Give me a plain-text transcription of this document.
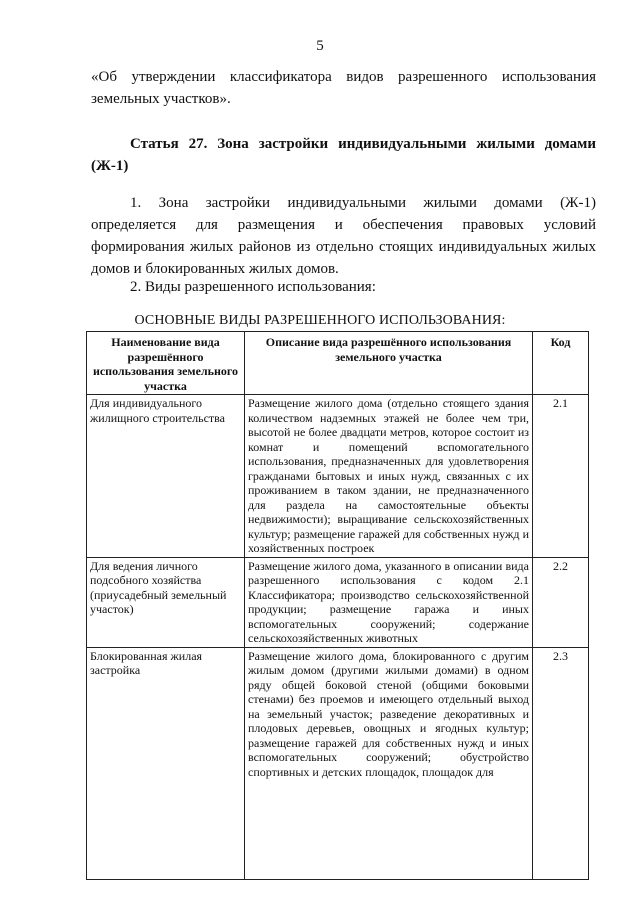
5
«Об утверждении классификатора видов разрешенного использования земельных участков».
Статья 27. Зона застройки индивидуальными жилыми домами (Ж-1)
1. Зона застройки индивидуальными жилыми домами (Ж-1) определяется для размещения и обеспечения правовых условий формирования жилых районов из отдельно стоящих индивидуальных жилых домов и блокированных жилых домов.
2. Виды разрешенного использования:
ОСНОВНЫЕ ВИДЫ РАЗРЕШЕННОГО ИСПОЛЬЗОВАНИЯ:
Наименование вида разрешённого использования земельного участка	Описание вида разрешённого использования земельного участка	Код
Для индивидуального жилищного строительства	Размещение жилого дома (отдельно стоящего здания количеством надземных этажей не более чем три, высотой не более двадцати метров, которое состоит из комнат и помещений вспомогательного использования, предназначенных для удовлетворения гражданами бытовых и иных нужд, связанных с их проживанием в таком здании, не предназначенного для раздела на самостоятельные объекты недвижимости); выращивание сельскохозяйственных культур; размещение гаражей для собственных нужд и хозяйственных построек	2.1
Для ведения личного подсобного хозяйства (приусадебный земельный участок)	Размещение жилого дома, указанного в описании вида разрешенного использования с кодом 2.1 Классификатора; производство сельскохозяйственной продукции; размещение гаража и иных вспомогательных сооружений; содержание сельскохозяйственных животных	2.2
Блокированная жилая застройка	Размещение жилого дома, блокированного с другим жилым домом (другими жилыми домами) в одном ряду общей боковой стеной (общими боковыми стенами) без проемов и имеющего отдельный выход на земельный участок; разведение декоративных и плодовых деревьев, овощных и ягодных культур; размещение гаражей для собственных нужд и иных вспомогательных сооружений; обустройство спортивных и детских площадок, площадок для	2.3
